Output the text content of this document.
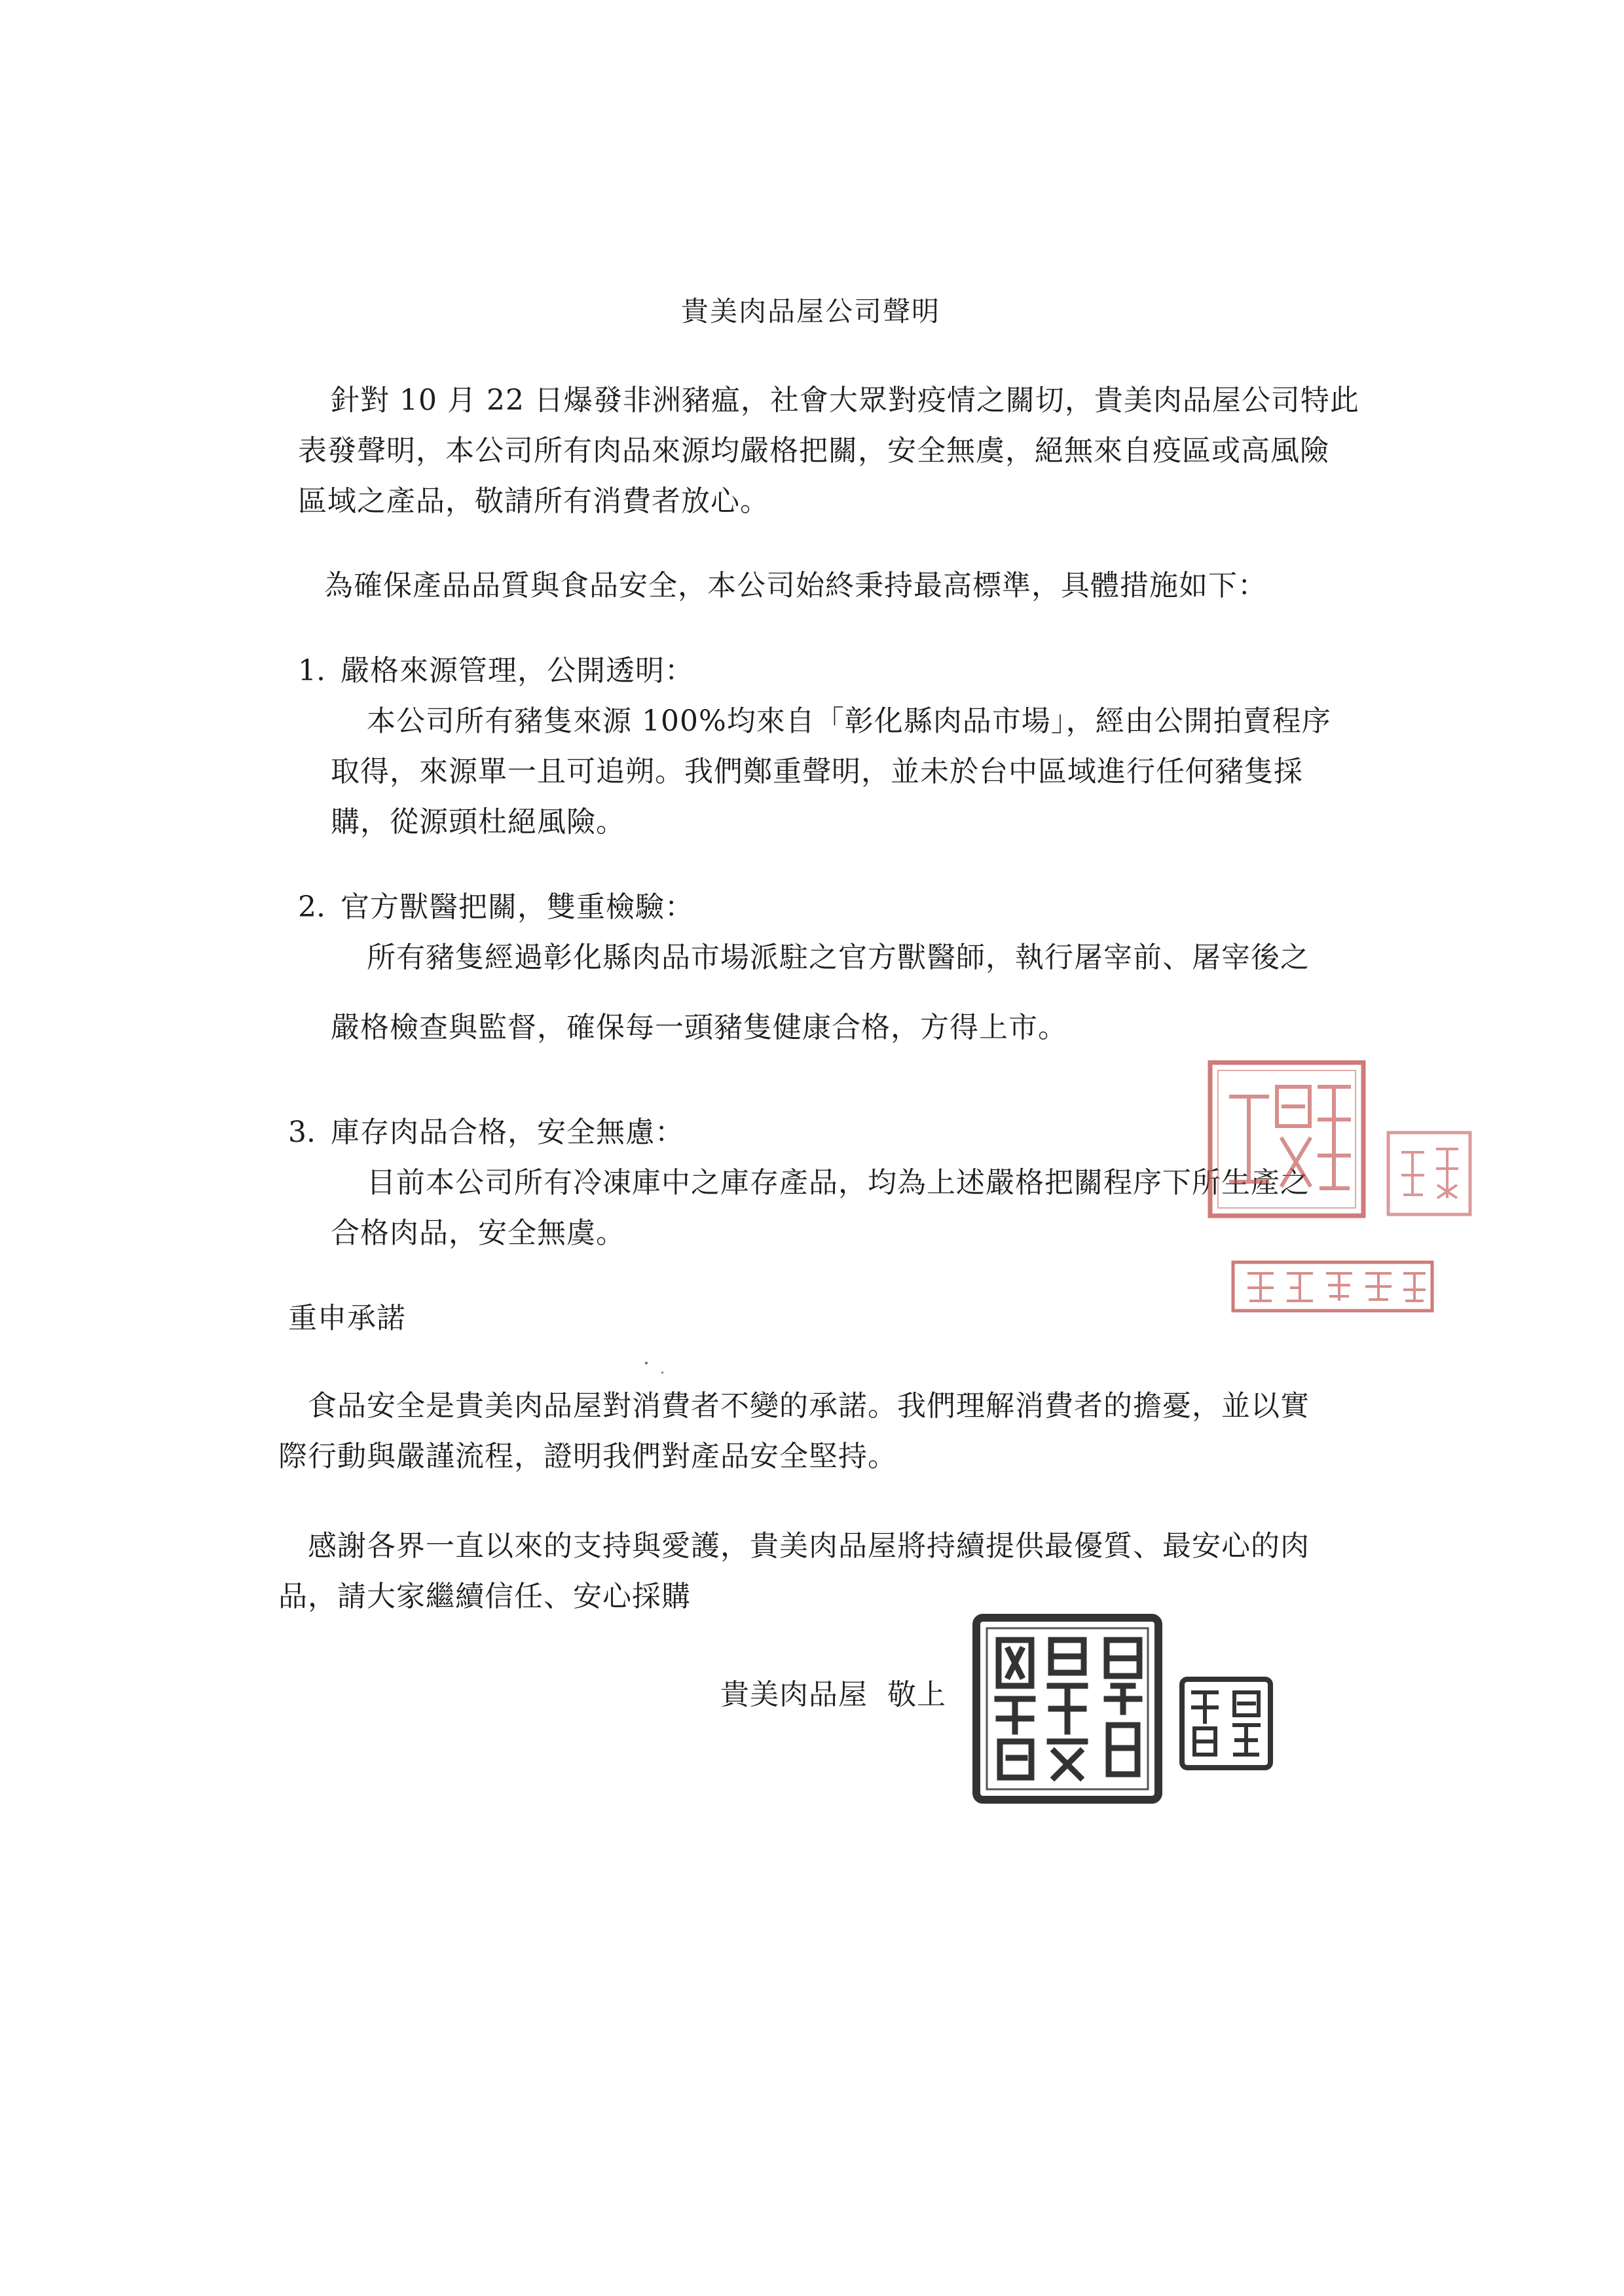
貴美肉品屋公司聲明
針對 10 月 22 日爆發非洲豬瘟，社會大眾對疫情之關切，貴美肉品屋公司特此
表發聲明，本公司所有肉品來源均嚴格把關，安全無虞，絕無來自疫區或高風險
區域之產品，敬請所有消費者放心。
為確保產品品質與食品安全，本公司始終秉持最高標準，具體措施如下：
1. 嚴格來源管理，公開透明：
本公司所有豬隻來源 100%均來自「彰化縣肉品市場」，經由公開拍賣程序
取得，來源單一且可追朔。我們鄭重聲明，並未於台中區域進行任何豬隻採
購，從源頭杜絕風險。
2. 官方獸醫把關，雙重檢驗：
所有豬隻經過彰化縣肉品市場派駐之官方獸醫師，執行屠宰前、屠宰後之
嚴格檢查與監督，確保每一頭豬隻健康合格，方得上市。
3. 庫存肉品合格，安全無慮：
目前本公司所有冷凍庫中之庫存產品，均為上述嚴格把關程序下所生產之
合格肉品，安全無虞。
重申承諾
食品安全是貴美肉品屋對消費者不變的承諾。我們理解消費者的擔憂，並以實
際行動與嚴謹流程，證明我們對產品安全堅持。
感謝各界一直以來的支持與愛護，貴美肉品屋將持續提供最優質、最安心的肉
品，請大家繼續信任、安心採購
貴美肉品屋  敬上
